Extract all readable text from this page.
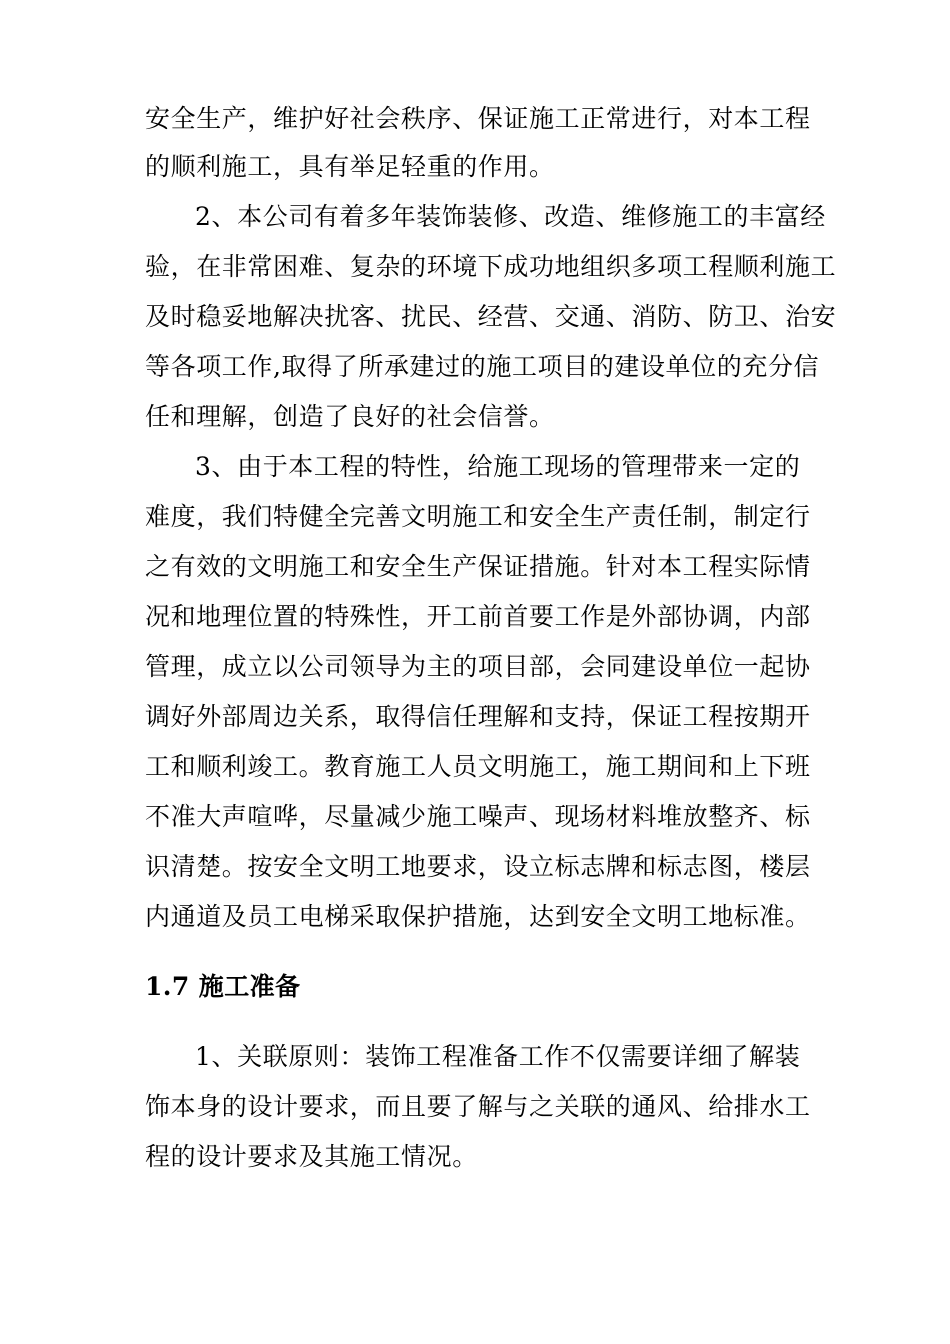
安全生产，维护好社会秩序、保证施工正常进行，对本工程
的顺利施工，具有举足轻重的作用。
2、本公司有着多年装饰装修、改造、维修施工的丰富经
验，在非常困难、复杂的环境下成功地组织多项工程顺利施工
及时稳妥地解决扰客、扰民、经营、交通、消防、防卫、治安
等各项工作,取得了所承建过的施工项目的建设单位的充分信
任和理解，创造了良好的社会信誉。
3、由于本工程的特性，给施工现场的管理带来一定的
难度，我们特健全完善文明施工和安全生产责任制，制定行
之有效的文明施工和安全生产保证措施。针对本工程实际情
况和地理位置的特殊性，开工前首要工作是外部协调，内部
管理，成立以公司领导为主的项目部，会同建设单位一起协
调好外部周边关系，取得信任理解和支持，保证工程按期开
工和顺利竣工。教育施工人员文明施工，施工期间和上下班
不准大声喧哗，尽量减少施工噪声、现场材料堆放整齐、标
识清楚。按安全文明工地要求，设立标志牌和标志图，楼层
内通道及员工电梯采取保护措施，达到安全文明工地标准。
1.7 施工准备
1、关联原则：装饰工程准备工作不仅需要详细了解装
饰本身的设计要求，而且要了解与之关联的通风、给排水工
程的设计要求及其施工情况。
